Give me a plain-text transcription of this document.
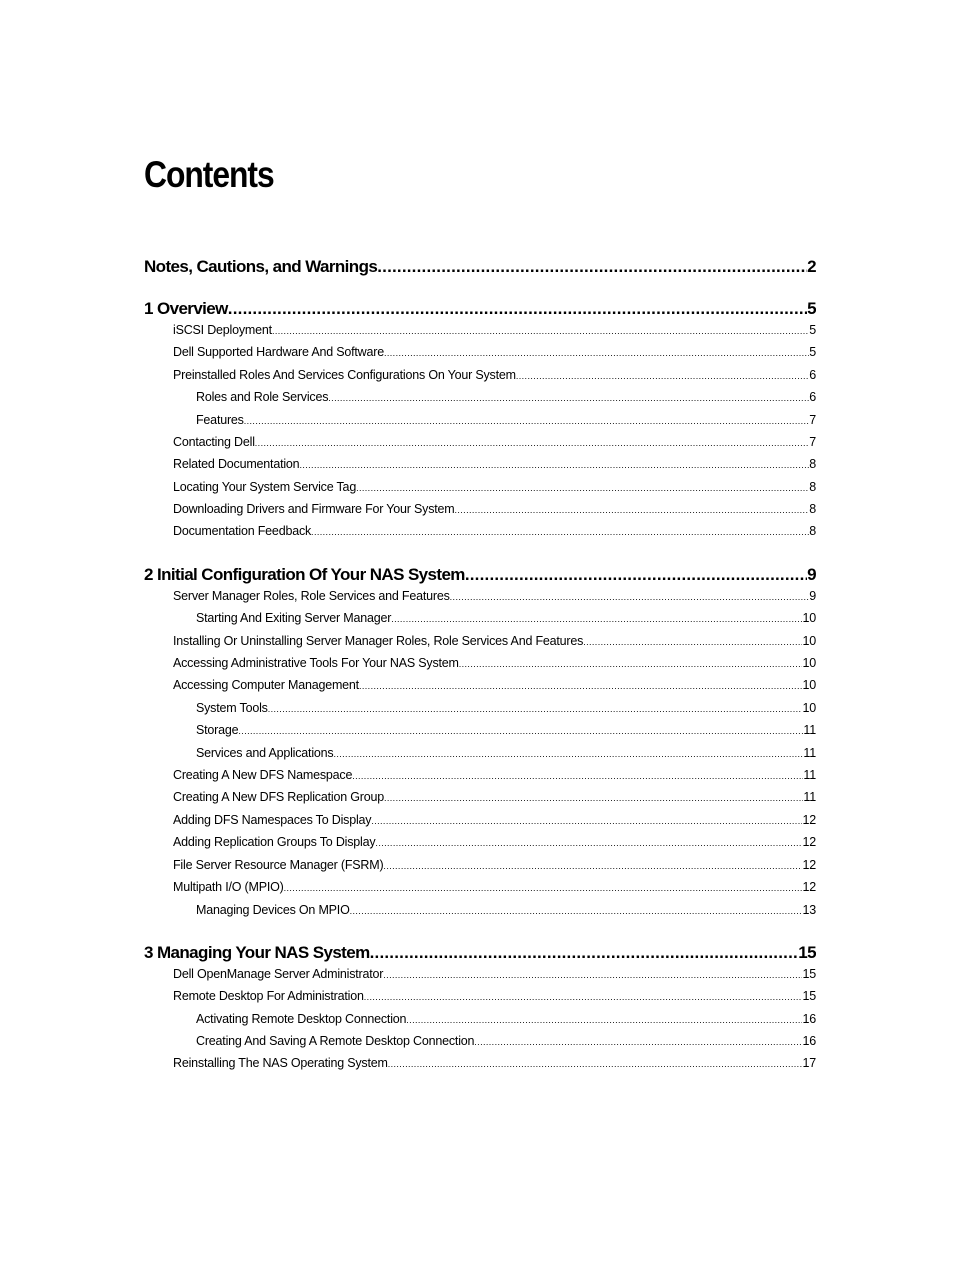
Contents
Notes, Cautions, and Warnings .....	2
1 Overview .....	5
iSCSI Deployment .....	5
Dell Supported Hardware And Software .....	5
Preinstalled Roles And Services Configurations On Your System .....	6
Roles and Role Services .....	6
Features .....	7
Contacting Dell .....	7
Related Documentation .....	8
Locating Your System Service Tag .....	8
Downloading Drivers and Firmware For Your System .....	8
Documentation Feedback .....	8
2 Initial Configuration Of Your NAS System .....	9
Server Manager Roles, Role Services and Features .....	9
Starting And Exiting Server Manager .....	10
Installing Or Uninstalling Server Manager Roles, Role Services And Features .....	10
Accessing Administrative Tools For Your NAS System .....	10
Accessing Computer Management .....	10
System Tools .....	10
Storage .....	11
Services and Applications .....	11
Creating A New DFS Namespace .....	11
Creating A New DFS Replication Group .....	11
Adding DFS Namespaces To Display .....	12
Adding Replication Groups To Display .....	12
File Server Resource Manager (FSRM) .....	12
Multipath I/O (MPIO) .....	12
Managing Devices On MPIO .....	13
3 Managing Your NAS System .....	15
Dell OpenManage Server Administrator .....	15
Remote Desktop For Administration .....	15
Activating Remote Desktop Connection .....	16
Creating And Saving A Remote Desktop Connection .....	16
Reinstalling The NAS Operating System .....	17
